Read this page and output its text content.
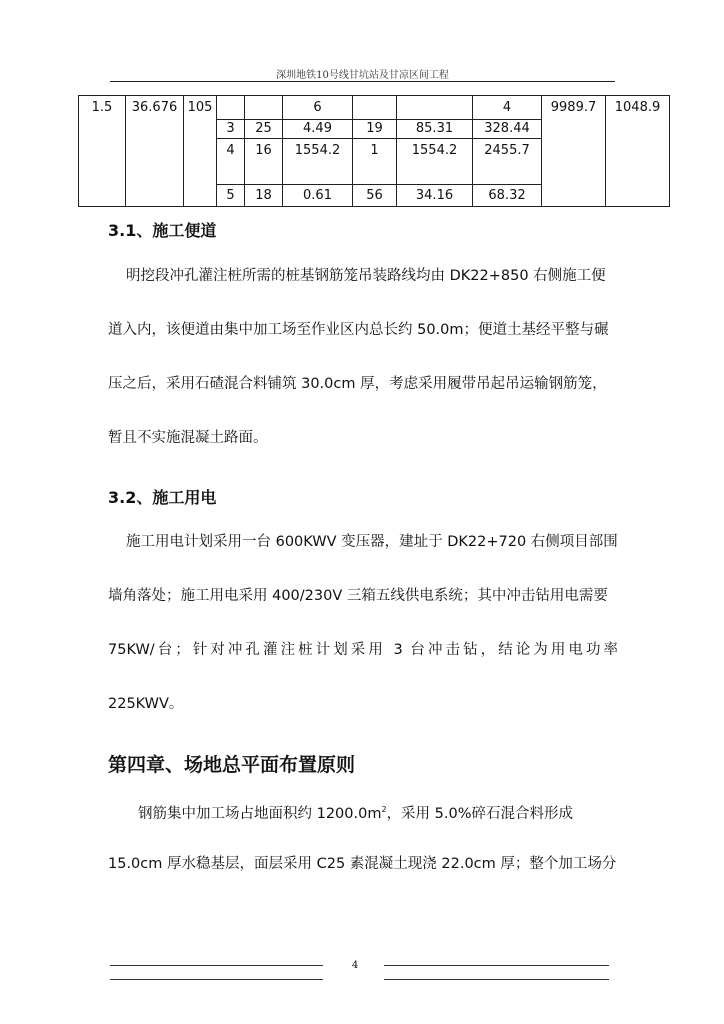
深圳地铁10号线甘坑站及甘凉区间工程
1.5	36.676	105			6			4	9989.7	1048.9
			3	25	4.49	19	85.31	328.44		
			4	16	1554.2	1	1554.2	2455.7		
			5	18	0.61	56	34.16	68.32		
3.1、施工便道
明挖段冲孔灌注桩所需的桩基钢筋笼吊装路线均由 DK22+850 右侧施工便
道入内，该便道由集中加工场至作业区内总长约 50.0m；便道土基经平整与碾
压之后，采用石碴混合料铺筑 30.0cm 厚，考虑采用履带吊起吊运输钢筋笼，
暂且不实施混凝土路面。
3.2、施工用电
施工用电计划采用一台 600KWV 变压器，建址于 DK22+720 右侧项目部围
墙角落处；施工用电采用 400/230V 三箱五线供电系统；其中冲击钻用电需要
75KW/台；针对冲孔灌注桩计划采用 3 台冲击钻，结论为用电功率
225KWV。
第四章、场地总平面布置原则
钢筋集中加工场占地面积约 $1200.0m^2$，采用 5.0%碎石混合料形成
15.0cm 厚水稳基层，面层采用 C25 素混凝土现浇 22.0cm 厚；整个加工场分
4
